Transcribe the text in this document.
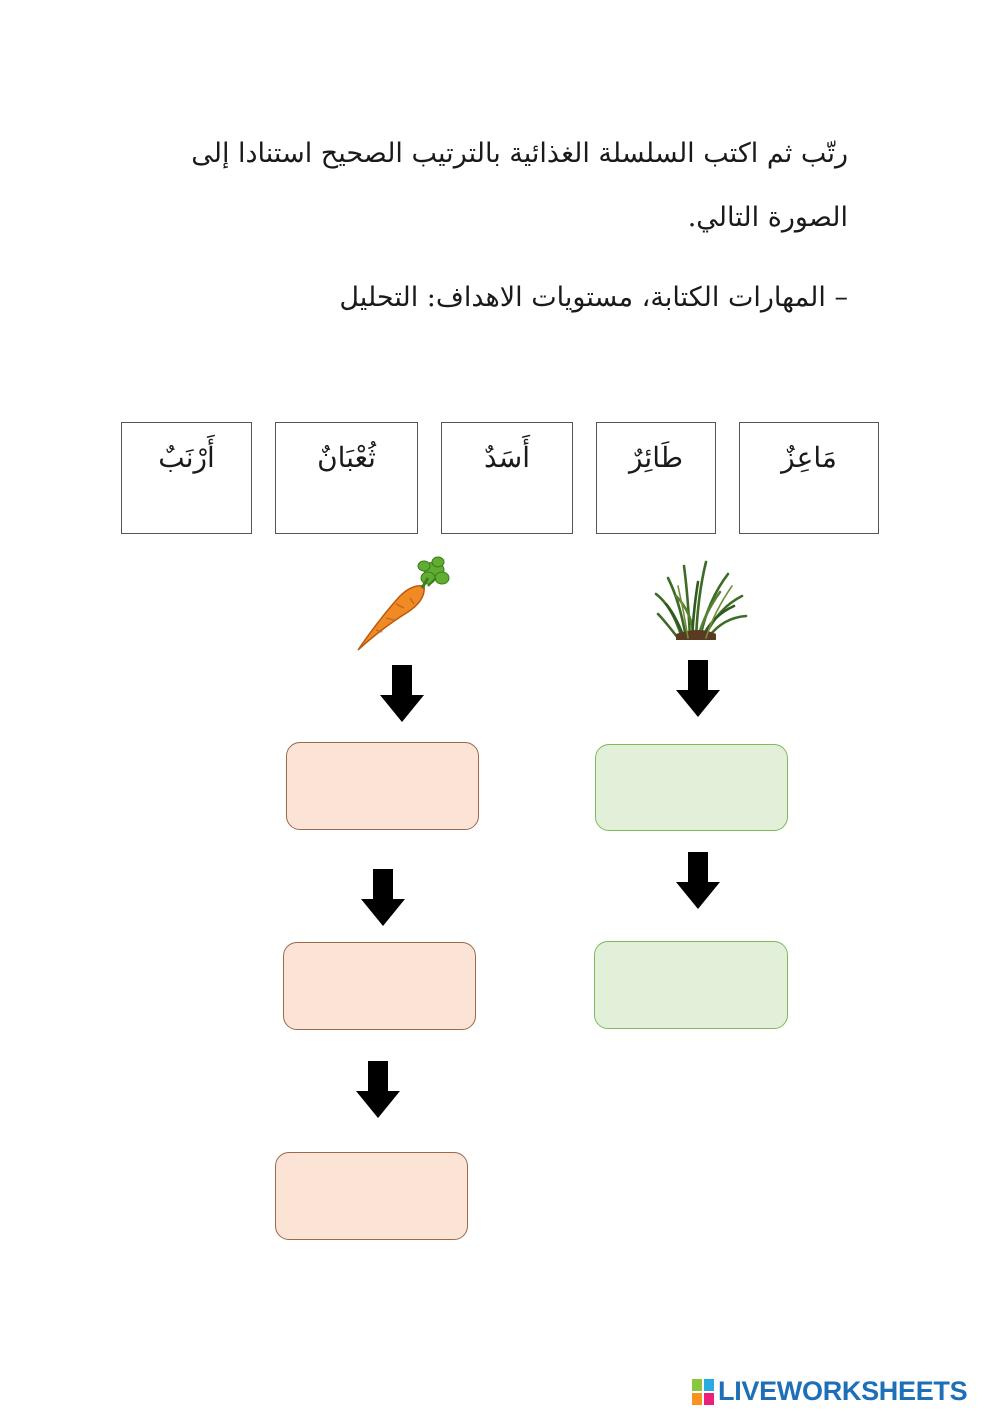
رتّب ثم اكتب السلسلة الغذائية بالترتيب الصحيح استنادا إلى
الصورة التالي.
– المهارات الكتابة، مستويات الاهداف: التحليل
مَاعِزٌ
طَائِرٌ
أَسَدٌ
ثُعْبَانٌ
أَرْنَبٌ
LIVEWORKSHEETS
